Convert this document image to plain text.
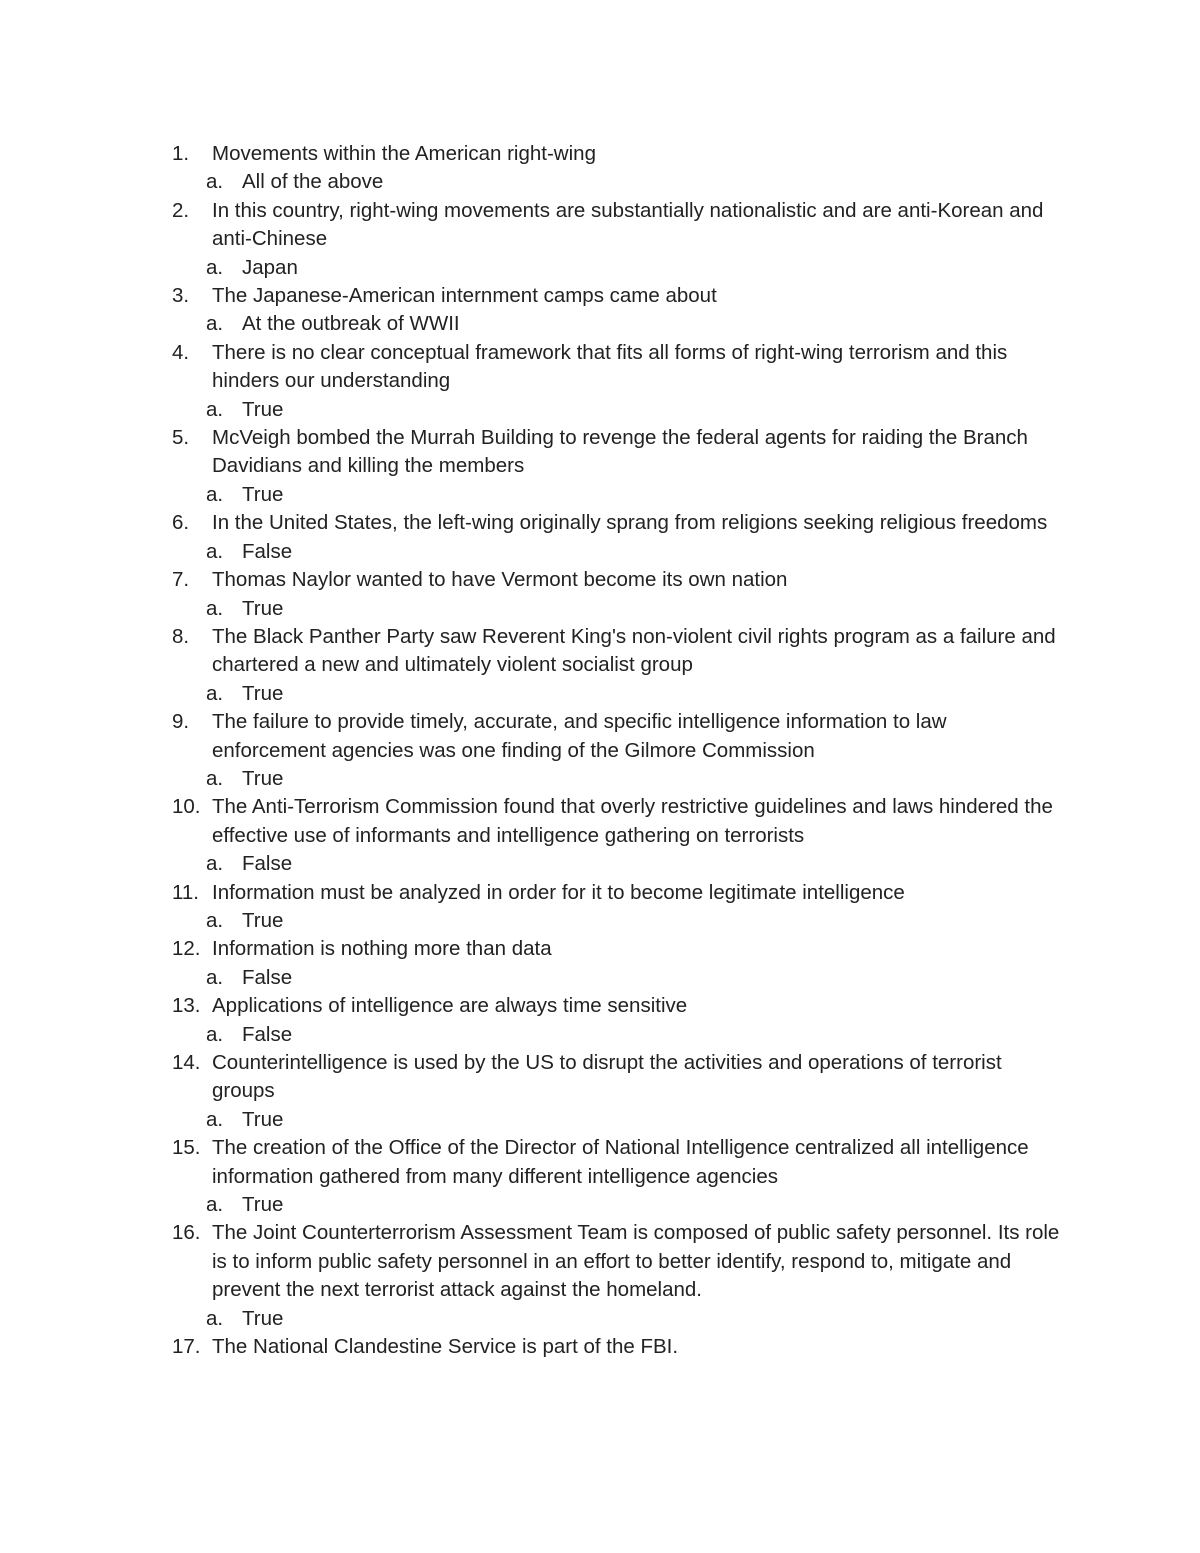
1.	Movements within the American right-wing
a. All of the above
2.	In this country, right-wing movements are substantially nationalistic and are anti-Korean and anti-Chinese
a. Japan
3.	The Japanese-American internment camps came about
a. At the outbreak of WWII
4.	There is no clear conceptual framework that fits all forms of right-wing terrorism and this hinders our understanding
a. True
5.	McVeigh bombed the Murrah Building to revenge the federal agents for raiding the Branch Davidians and killing the members
a. True
6.	In the United States, the left-wing originally sprang from religions seeking religious freedoms
a. False
7.	Thomas Naylor wanted to have Vermont become its own nation
a. True
8.	The Black Panther Party saw Reverent King's non-violent civil rights program as a failure and chartered a new and ultimately violent socialist group
a. True
9.	The failure to provide timely, accurate, and specific intelligence information to law enforcement agencies was one finding of the Gilmore Commission
a. True
10. The Anti-Terrorism Commission found that overly restrictive guidelines and laws hindered the effective use of informants and intelligence gathering on terrorists
a. False
11. Information must be analyzed in order for it to become legitimate intelligence
a. True
12. Information is nothing more than data
a. False
13. Applications of intelligence are always time sensitive
a. False
14. Counterintelligence is used by the US to disrupt the activities and operations of terrorist groups
a. True
15. The creation of the Office of the Director of National Intelligence centralized all intelligence information gathered from many different intelligence agencies
a. True
16. The Joint Counterterrorism Assessment Team is composed of public safety personnel. Its role is to inform public safety personnel in an effort to better identify, respond to, mitigate and prevent the next terrorist attack against the homeland.
a. True
17. The National Clandestine Service is part of the FBI.
